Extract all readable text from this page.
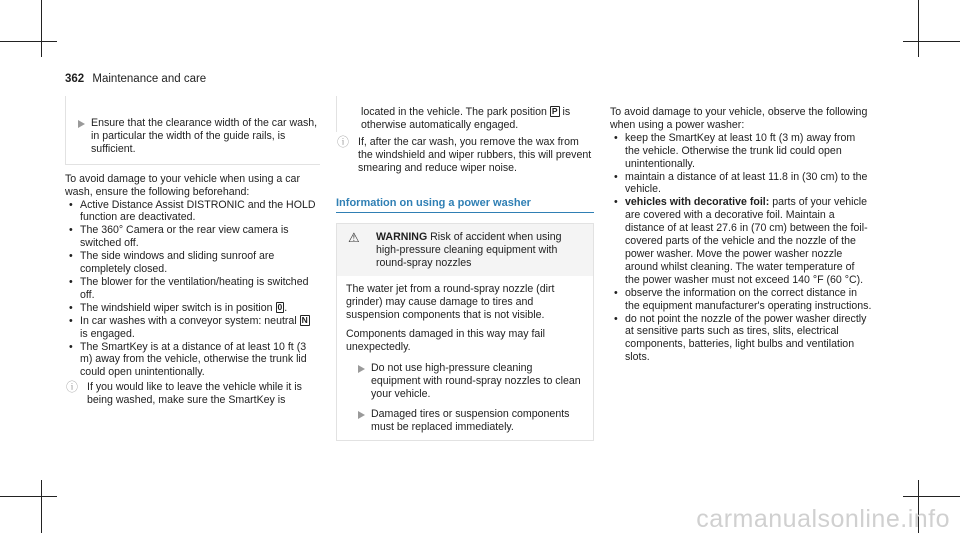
362 Maintenance and care

Ensure that the clearance width of the car wash, in particular the width of the guide rails, is sufficient.

To avoid damage to your vehicle when using a car wash, ensure the following beforehand:

• Active Distance Assist DISTRONIC and the HOLD function are deactivated.

• The 360° Camera or the rear view camera is switched off.

• The side windows and sliding sunroof are completely closed.

• The blower for the ventilation/heating is switched off.

• The windshield wiper switch is in position 0 .

• In car washes with a conveyor system: neutral N is engaged.

• The SmartKey is at a distance of at least 10 ft (3 m) away from the vehicle, otherwise the trunk lid could open unintentionally.

ⓘ If you would like to leave the vehicle while it is being washed, make sure the SmartKey is

located in the vehicle. The park position P is otherwise automatically engaged.

ⓘ If, after the car wash, you remove the wax from the windshield and wiper rubbers, this will prevent smearing and reduce wiper noise.

Information on using a power washer
⚠ WARNING Risk of accident when using high-pressure cleaning equipment with round-spray nozzles

The water jet from a round-spray nozzle (dirt grinder) may cause damage to tires and suspension components that is not visible.

Components damaged in this way may fail unexpectedly.

Do not use high-pressure cleaning equipment with round-spray nozzles to clean your vehicle.

Damaged tires or suspension components must be replaced immediately.

To avoid damage to your vehicle, observe the following when using a power washer:

• keep the SmartKey at least 10 ft (3 m) away from the vehicle. Otherwise the trunk lid could open unintentionally.

• maintain a distance of at least 11.8 in (30 cm) to the vehicle.

• vehicles with decorative foil: parts of your vehicle are covered with a decorative foil. Maintain a distance of at least 27.6 in (70 cm) between the foil-covered parts of the vehicle and the nozzle of the power washer. Move the power washer nozzle around whilst cleaning. The water temperature of the power washer must not exceed 140 °F (60 °C).

• observe the information on the correct distance in the equipment manufacturer's operating instructions.

• do not point the nozzle of the power washer directly at sensitive parts such as tires, slits, electrical components, batteries, light bulbs and ventilation slots.

carmanualsonline.info
